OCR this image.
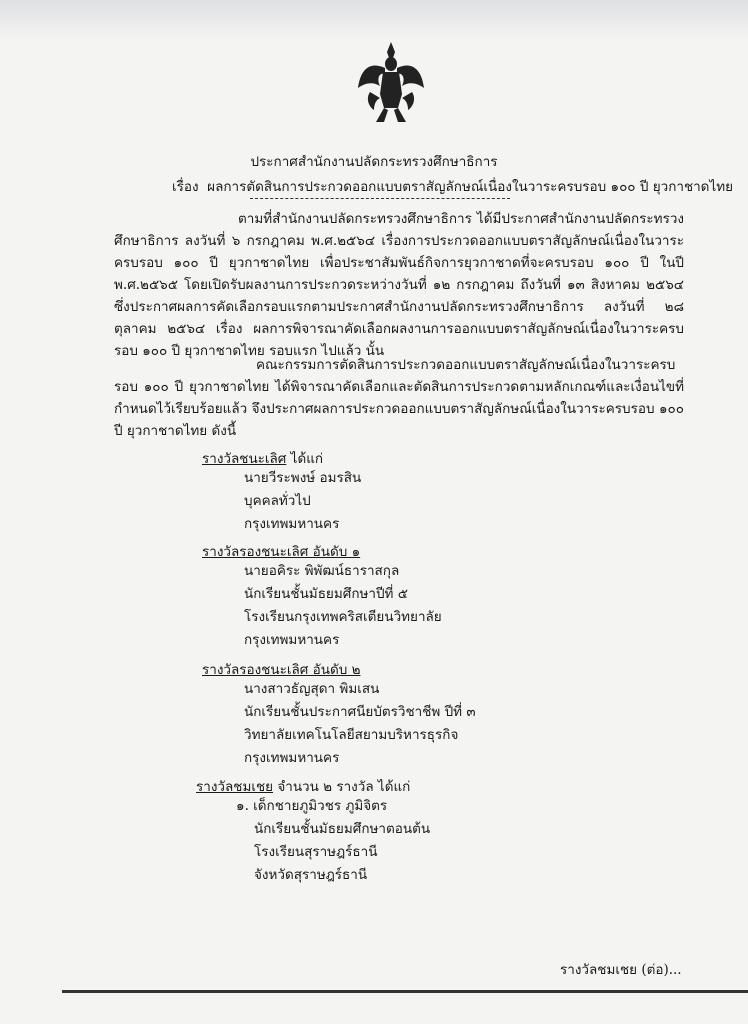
ประกาศสำนักงานปลัดกระทรวงศึกษาธิการ
เรื่อง ผลการตัดสินการประกวดออกแบบตราสัญลักษณ์เนื่องในวาระครบรอบ ๑๐๐ ปี ยุวกาชาดไทย
ตามที่สำนักงานปลัดกระทรวงศึกษาธิการ ได้มีประกาศสำนักงานปลัดกระทรวงศึกษาธิการ ลงวันที่ ๖ กรกฎาคม พ.ศ.๒๕๖๔ เรื่องการประกวดออกแบบตราสัญลักษณ์เนื่องในวาระครบรอบ ๑๐๐ ปี ยุวกาชาดไทย เพื่อประชาสัมพันธ์กิจการยุวกาชาดที่จะครบรอบ ๑๐๐ ปี ในปี พ.ศ.๒๕๖๕ โดยเปิดรับผลงานการประกวดระหว่างวันที่ ๑๒ กรกฎาคม ถึงวันที่ ๑๓ สิงหาคม ๒๕๖๔ ซึ่งประกาศผลการคัดเลือกรอบแรกตามประกาศสำนักงานปลัดกระทรวงศึกษาธิการ ลงวันที่ ๒๘ ตุลาคม ๒๕๖๔ เรื่อง ผลการพิจารณาคัดเลือกผลงานการออกแบบตราสัญลักษณ์เนื่องในวาระครบรอบ ๑๐๐ ปี ยุวกาชาดไทย รอบแรก ไปแล้ว นั้น
คณะกรรมการตัดสินการประกวดออกแบบตราสัญลักษณ์เนื่องในวาระครบรอบ ๑๐๐ ปี ยุวกาชาดไทย ได้พิจารณาคัดเลือกและตัดสินการประกวดตามหลักเกณฑ์และเงื่อนไขที่กำหนดไว้เรียบร้อยแล้ว จึงประกาศผลการประกวดออกแบบตราสัญลักษณ์เนื่องในวาระครบรอบ ๑๐๐ ปี ยุวกาชาดไทย ดังนี้
รางวัลชนะเลิศ ได้แก่
นายวีระพงษ์ อมรสิน
บุคคลทั่วไป
กรุงเทพมหานคร
รางวัลรองชนะเลิศ อันดับ ๑
นายอคิระ พิพัฒน์ธาราสกุล
นักเรียนชั้นมัธยมศึกษาปีที่ ๕
โรงเรียนกรุงเทพคริสเตียนวิทยาลัย
กรุงเทพมหานคร
รางวัลรองชนะเลิศ อันดับ ๒
นางสาวธัญสุดา พิมเสน
นักเรียนชั้นประกาศนียบัตรวิชาชีพ ปีที่ ๓
วิทยาลัยเทคโนโลยีสยามบริหารธุรกิจ
กรุงเทพมหานคร
รางวัลชมเชย จำนวน ๒ รางวัล ได้แก่
๑. เด็กชายภูมิวชร ภูมิจิตร
นักเรียนชั้นมัธยมศึกษาตอนต้น
โรงเรียนสุราษฎร์ธานี
จังหวัดสุราษฎร์ธานี
รางวัลชมเชย (ต่อ)...
